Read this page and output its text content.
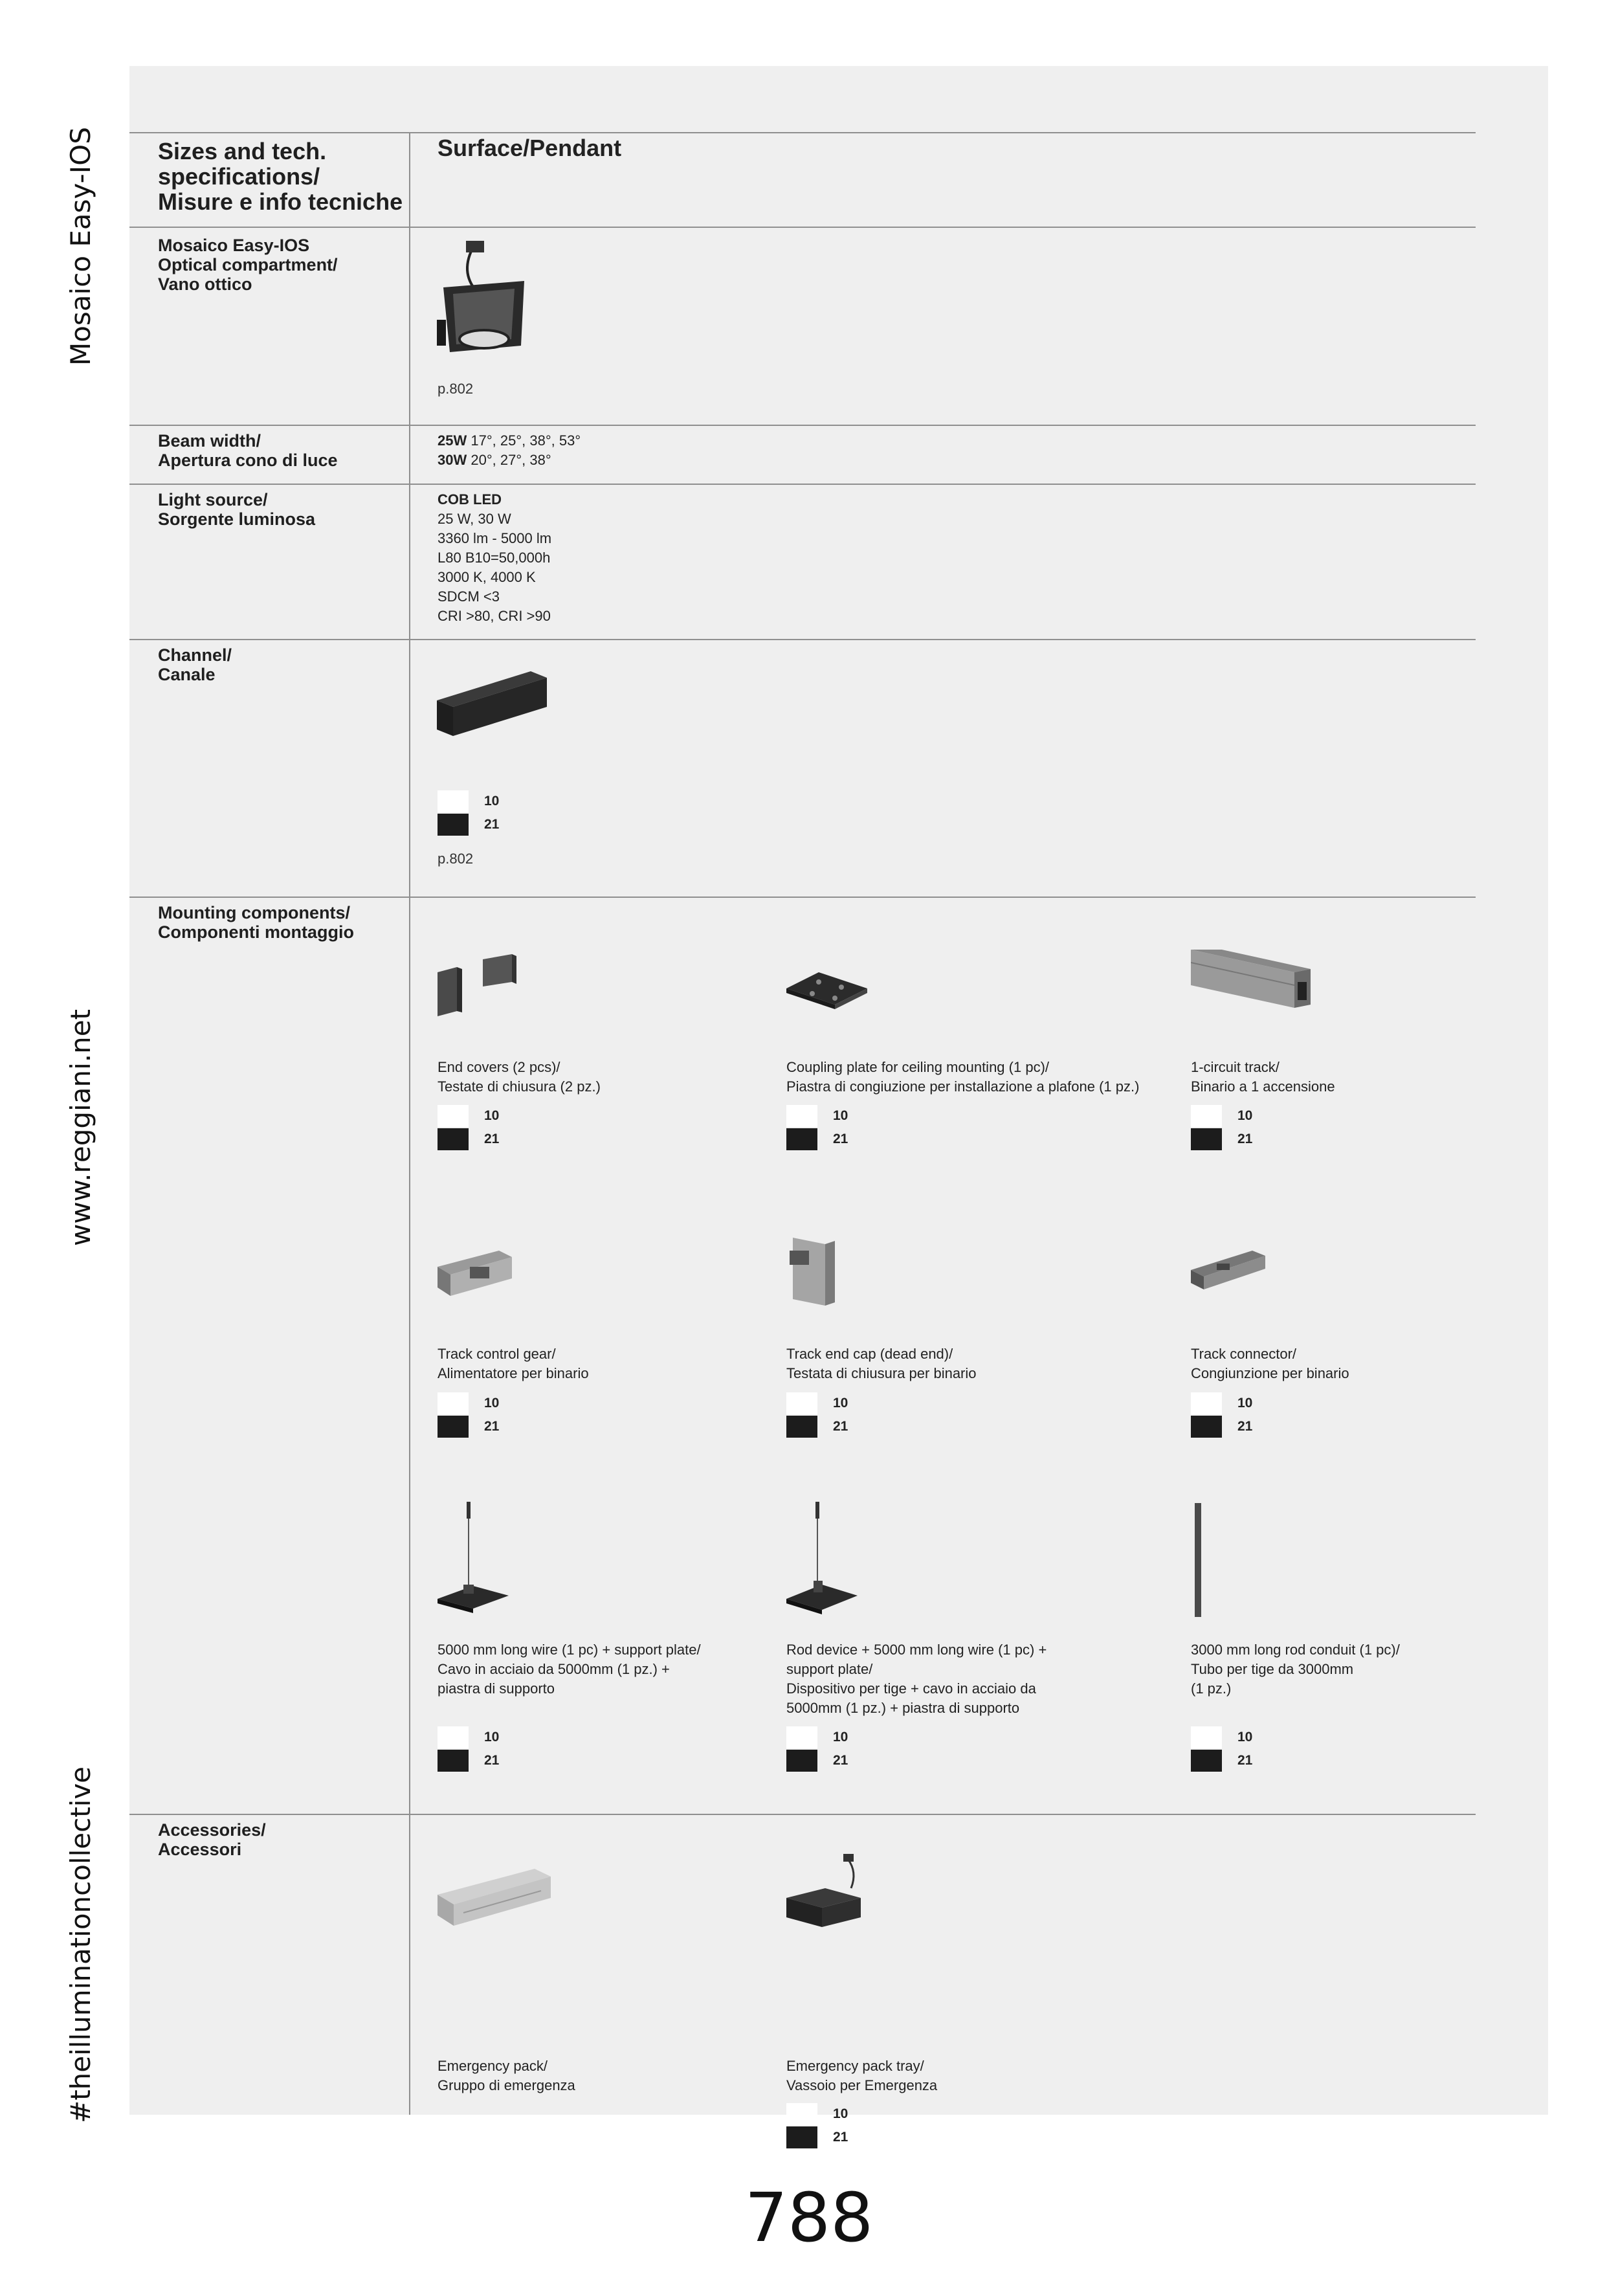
Mosaico Easy-IOS
www.reggiani.net
#theilluminationcollective
Sizes and tech.
specifications/
Misure e info tecniche
Surface/Pendant
Mosaico Easy-IOS
Optical compartment/
Vano ottico
p.802
Beam width/
Apertura cono di luce
25W 17°, 25°, 38°, 53°
30W 20°, 27°, 38°
Light source/
Sorgente luminosa
COB LED
25 W, 30 W
3360 lm - 5000 lm
L80 B10=50,000h
3000 K, 4000 K
SDCM <3
CRI >80, CRI >90
Channel/
Canale
10
21
p.802
Mounting components/
Componenti montaggio
End covers (2 pcs)/
Testate di chiusura (2 pz.)
Coupling plate for ceiling mounting (1 pc)/
Piastra di congiuzione per installazione a plafone (1 pz.)
1-circuit track/
Binario a 1 accensione
10
21
10
21
10
21
Track control gear/
Alimentatore per binario
Track end cap (dead end)/
Testata di chiusura per binario
Track connector/
Congiunzione per binario
10
21
10
21
10
21
5000 mm long wire (1 pc) + support plate/
Cavo in acciaio da 5000mm (1 pz.) +
piastra di supporto
Rod device + 5000 mm long wire (1 pc) +
support plate/
Dispositivo per tige + cavo in acciaio da
5000mm (1 pz.) + piastra di supporto
3000 mm long rod conduit (1 pc)/
Tubo per tige da 3000mm
(1 pz.)
10
21
10
21
10
21
Accessories/
Accessori
Emergency pack/
Gruppo di emergenza
Emergency pack tray/
Vassoio per Emergenza
10
21
788
